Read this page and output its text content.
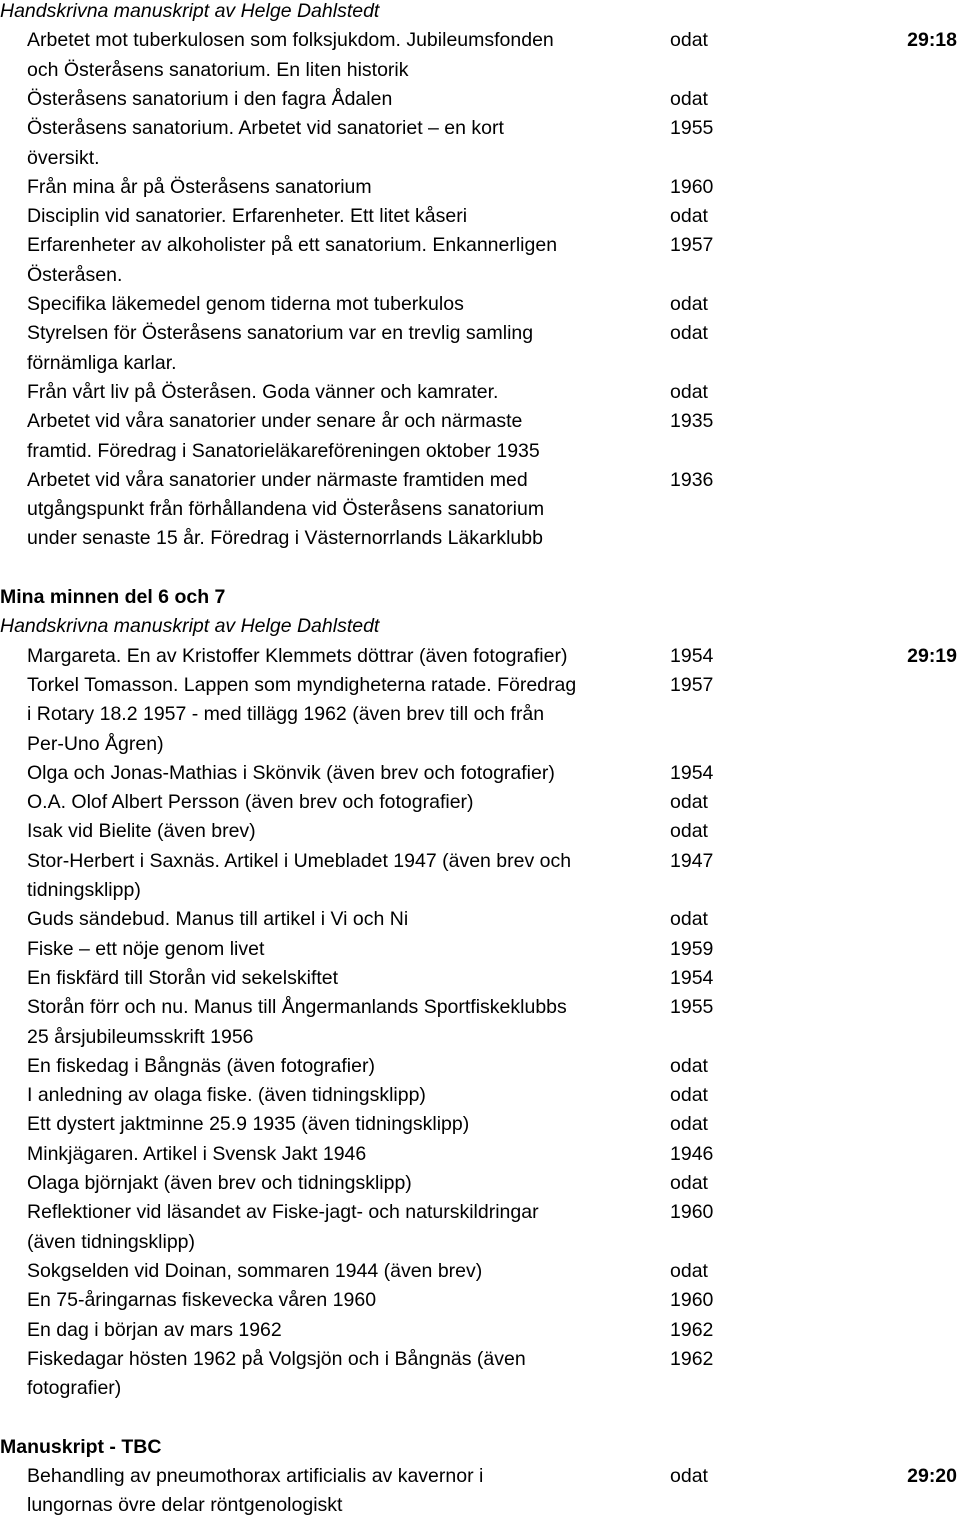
Handskrivna manuskript av Helge Dahlstedt
29:18
odat
Arbetet mot tuberkulosen som folksjukdom. Jubileumsfonden
och Österåsens sanatorium. En liten historik
odat
Österåsens sanatorium i den fagra Ådalen
1955
Österåsens sanatorium. Arbetet vid sanatoriet – en kort
översikt.
1960
Från mina år på Österåsens sanatorium
odat
Disciplin vid sanatorier. Erfarenheter. Ett litet kåseri
1957
Erfarenheter av alkoholister på ett sanatorium. Enkannerligen
Österåsen.
odat
Specifika läkemedel genom tiderna mot tuberkulos
odat
Styrelsen för Österåsens sanatorium var en trevlig samling
förnämliga karlar.
odat
Från vårt liv på Österåsen. Goda vänner och kamrater.
1935
Arbetet vid våra sanatorier under senare år och närmaste
framtid. Föredrag i Sanatorieläkareföreningen oktober 1935
1936
Arbetet vid våra sanatorier under närmaste framtiden med
utgångspunkt från förhållandena vid Österåsens sanatorium
under senaste 15 år. Föredrag i Västernorrlands Läkarklubb
Mina minnen del 6 och 7
Handskrivna manuskript av Helge Dahlstedt
29:19
1954
Margareta. En av Kristoffer Klemmets döttrar (även fotografier)
1957
Torkel Tomasson. Lappen som myndigheterna ratade. Föredrag
i Rotary 18.2 1957 - med tillägg 1962 (även brev till och från
Per-Uno Ågren)
1954
Olga och Jonas-Mathias i Skönvik (även brev och fotografier)
odat
O.A. Olof Albert Persson (även brev och fotografier)
odat
Isak vid Bielite (även brev)
1947
Stor-Herbert i Saxnäs. Artikel i Umebladet 1947 (även brev och
tidningsklipp)
odat
Guds sändebud. Manus till artikel i Vi och Ni
1959
Fiske – ett nöje genom livet
1954
En fiskfärd till Storån vid sekelskiftet
1955
Storån förr och nu. Manus till Ångermanlands Sportfiskeklubbs
25 årsjubileumsskrift 1956
odat
En fiskedag i Bångnäs (även fotografier)
odat
I anledning av olaga fiske. (även tidningsklipp)
odat
Ett dystert jaktminne 25.9 1935 (även tidningsklipp)
1946
Minkjägaren. Artikel i Svensk Jakt 1946
odat
Olaga björnjakt (även brev och tidningsklipp)
1960
Reflektioner vid läsandet av Fiske-jagt- och naturskildringar
(även tidningsklipp)
odat
Sokgselden vid Doinan, sommaren 1944 (även brev)
1960
En 75-åringarnas fiskevecka våren 1960
1962
En dag i början av mars 1962
1962
Fiskedagar hösten 1962 på Volgsjön och i Bångnäs (även
fotografier)
Manuskript - TBC
29:20
odat
Behandling av pneumothorax artificialis av kavernor i
lungornas övre delar röntgenologiskt
